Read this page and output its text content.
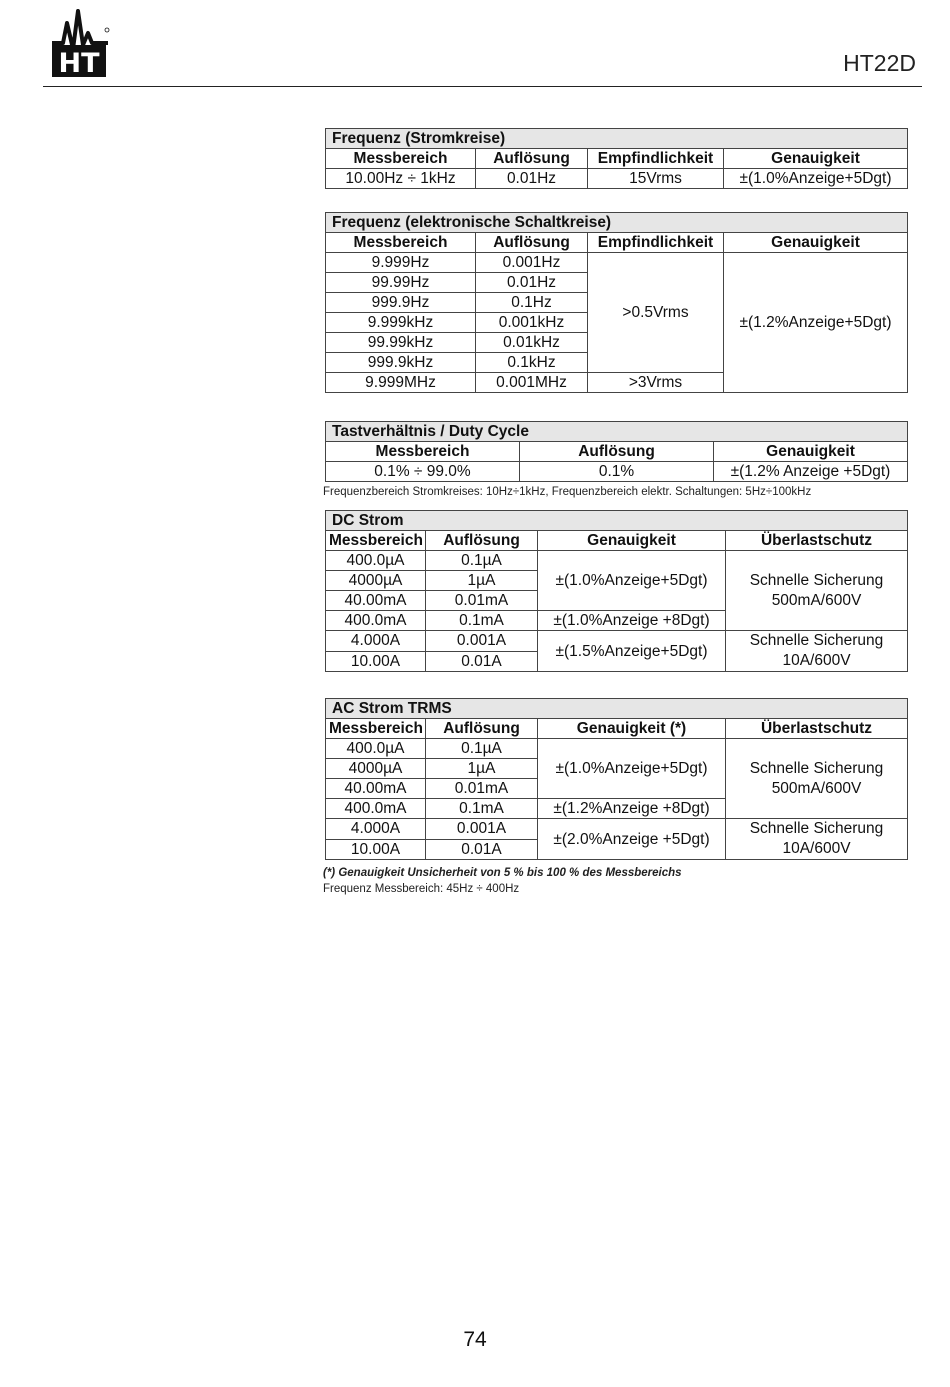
HT	HT22D
Frequenz (Stromkreise)			
Messbereich	Auflösung	Empfindlichkeit	Genauigkeit
10.00Hz ÷ 1kHz	0.01Hz	15Vrms	±(1.0%Anzeige+5Dgt)
Frequenz (elektronische Schaltkreise)			
Messbereich	Auflösung	Empfindlichkeit	Genauigkeit
9.999Hz	0.001Hz	>0.5Vrms	±(1.2%Anzeige+5Dgt)
99.99Hz	0.01Hz		
999.9Hz	0.1Hz		
9.999kHz	0.001kHz		
99.99kHz	0.01kHz		
999.9kHz	0.1kHz		
9.999MHz	0.001MHz	>3Vrms	
Tastverhältnis / Duty Cycle		
Messbereich	Auflösung	Genauigkeit
0.1% ÷ 99.0%	0.1%	±(1.2% Anzeige +5Dgt)
Frequenzbereich Stromkreises: 10Hz÷1kHz, Frequenzbereich elektr. Schaltungen: 5Hz÷100kHz
DC Strom			
Messbereich	Auflösung	Genauigkeit	Überlastschutz
400.0µA	0.1µA	±(1.0%Anzeige+5Dgt)	Schnelle Sicherung
500mA/600V

4000µA	1µA		
40.00mA	0.01mA		
400.0mA	0.1mA	±(1.0%Anzeige +8Dgt)	
4.000A	0.001A	±(1.5%Anzeige+5Dgt)	Schnelle Sicherung
10A/600V

10.00A	0.01A		
AC Strom TRMS			
Messbereich	Auflösung	Genauigkeit (*)	Überlastschutz
400.0µA	0.1µA	±(1.0%Anzeige+5Dgt)	Schnelle Sicherung
500mA/600V

4000µA	1µA		
40.00mA	0.01mA		
400.0mA	0.1mA	±(1.2%Anzeige +8Dgt)	
4.000A	0.001A	±(2.0%Anzeige +5Dgt)	Schnelle Sicherung
10A/600V

10.00A	0.01A		
(*) Genauigkeit Unsicherheit von 5 % bis 100 % des Messbereichs
Frequenz Messbereich: 45Hz ÷ 400Hz
74
